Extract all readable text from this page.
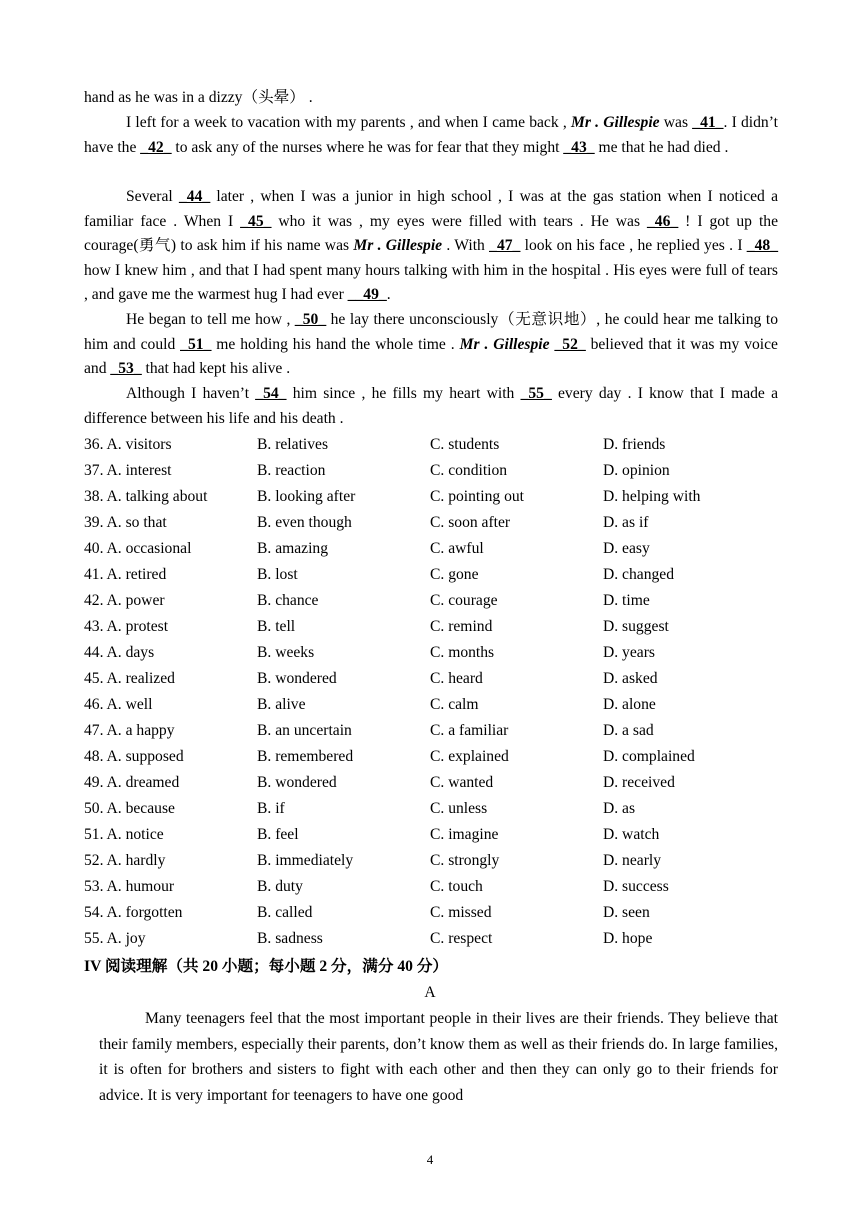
hand as he was in a dizzy（头晕） .
I left for a week to vacation with my parents , and when I came back , Mr . Gillespie was _41_. I didn’t have the _42_ to ask any of the nurses where he was for fear that they might _43_ me that he had died .
Several _44_ later , when I was a junior in high school , I was at the gas station when I noticed a familiar face . When I _45_ who it was , my eyes were filled with tears . He was _46_ ! I got up the courage(勇气) to ask him if his name was Mr . Gillespie . With _47_ look on his face , he replied yes . I _48_ how I knew him , and that I had spent many hours talking with him in the hospital . His eyes were full of tears , and gave me the warmest hug I had ever __49_.
He began to tell me how , _50_ he lay there unconsciously（无意识地）, he could hear me talking to him and could _51_ me holding his hand the whole time . Mr . Gillespie _52_ believed that it was my voice and _53_ that had kept his alive .
Although I haven’t _54_ him since , he fills my heart with _55_ every day . I know that I made a difference between his life and his death .
36. A. visitors	B. relatives	C. students	D. friends
37. A. interest	B. reaction	C. condition	D. opinion
38. A. talking about	B. looking after	C. pointing out	D. helping with
39. A. so that	B. even though	C. soon after	D. as if
40. A. occasional	B. amazing	C. awful	D. easy
41. A. retired	B. lost	C. gone	D. changed
42. A. power	B. chance	C. courage	D. time
43. A. protest	B. tell	C. remind	D. suggest
44. A. days	B. weeks	C. months	D. years
45. A. realized	B. wondered	C. heard	D. asked
46. A. well	B. alive	C. calm	D. alone
47. A. a happy	B. an uncertain	C. a familiar	D. a sad
48. A. supposed	B. remembered	C. explained	D. complained
49. A. dreamed	B. wondered	C. wanted	D. received
50. A. because	B. if	C. unless	D. as
51. A. notice	B. feel	C. imagine	D. watch
52. A. hardly	B. immediately	C. strongly	D. nearly
53. A. humour	B. duty	C. touch	D. success
54. A. forgotten	B. called	C. missed	D. seen
55. A. joy	B. sadness	C. respect	D. hope
IV 阅读理解（共 20 小题；每小题 2 分，满分 40 分）
A
Many teenagers feel that the most important people in their lives are their friends. They believe that their family members, especially their parents, don’t know them as well as their friends do. In large families, it is often for brothers and sisters to fight with each other and then they can only go to their friends for advice. It is very important for teenagers to have one good
4
